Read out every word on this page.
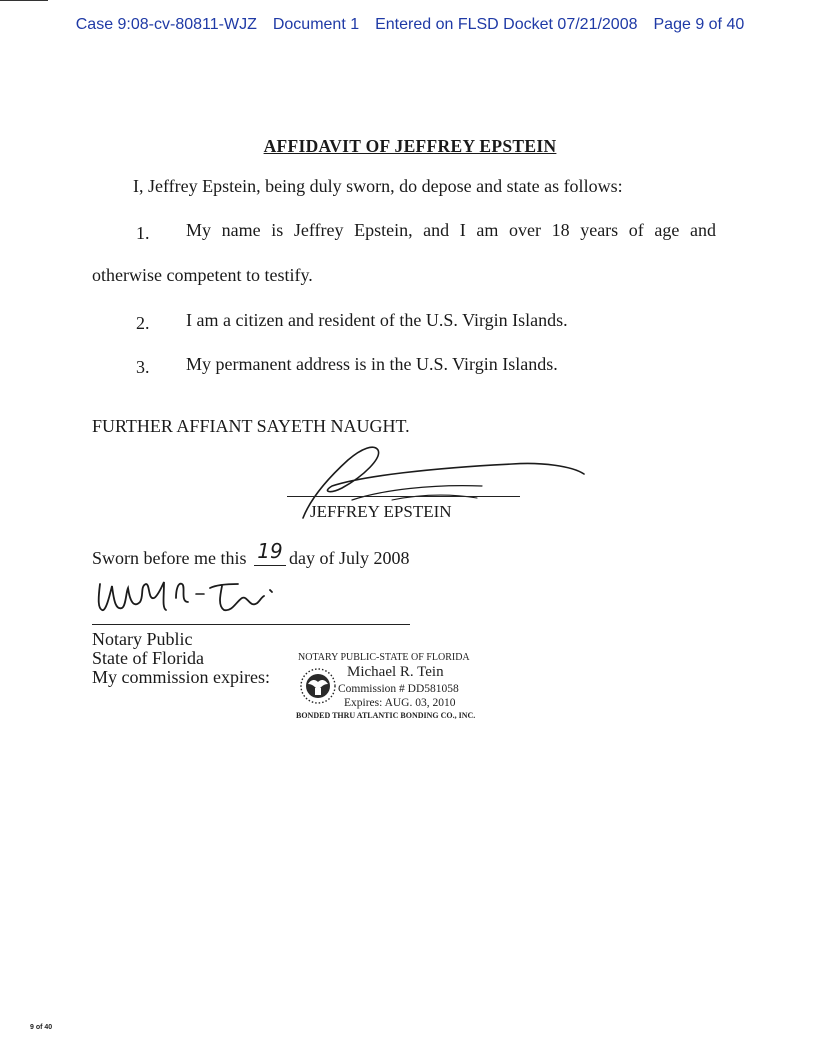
Case 9:08-cv-80811-WJZ Document 1 Entered on FLSD Docket 07/21/2008 Page 9 of 40
AFFIDAVIT OF JEFFREY EPSTEIN
I, Jeffrey Epstein, being duly sworn, do depose and state as follows:
1. My name is Jeffrey Epstein, and I am over 18 years of age and
otherwise competent to testify.
2. I am a citizen and resident of the U.S. Virgin Islands.
3. My permanent address is in the U.S. Virgin Islands.
FURTHER AFFIANT SAYETH NAUGHT.
JEFFREY EPSTEIN
Sworn before me this 19 day of July 2008
Notary Public
State of Florida
My commission expires:
NOTARY PUBLIC-STATE OF FLORIDA
Michael R. Tein
Commission # DD581058
Expires: AUG. 03, 2010
BONDED THRU ATLANTIC BONDING CO., INC.
9 of 40
